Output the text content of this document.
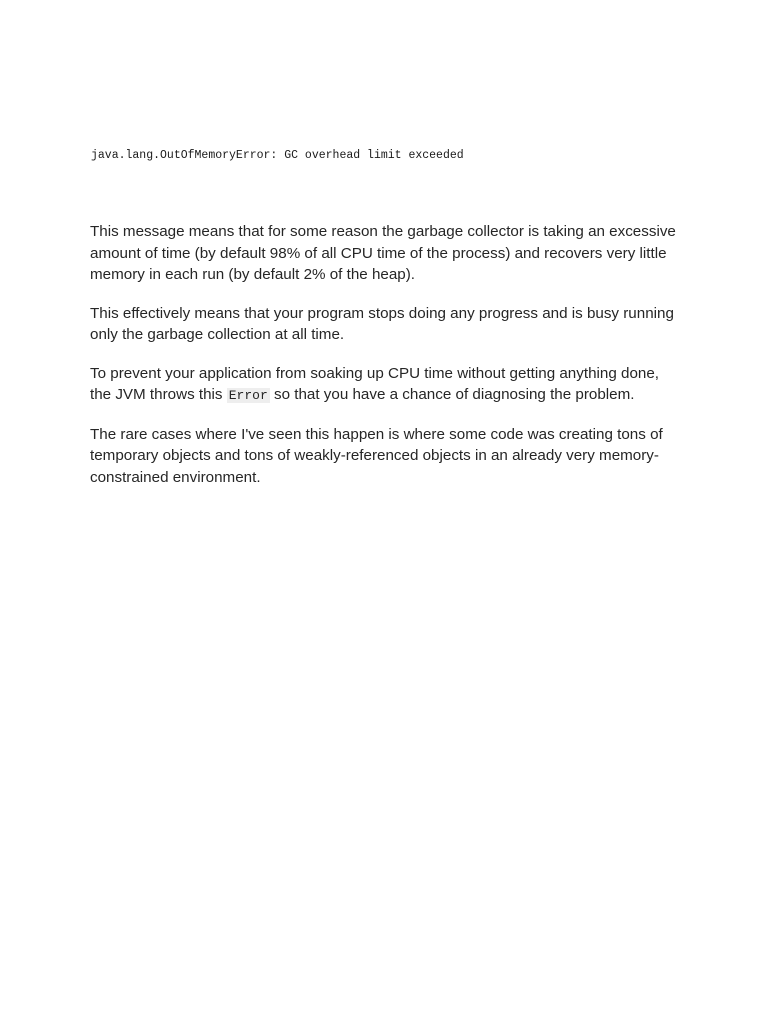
java.lang.OutOfMemoryError: GC overhead limit exceeded

This message means that for some reason the garbage collector is taking an excessive amount of time (by default 98% of all CPU time of the process) and recovers very little memory in each run (by default 2% of the heap).

This effectively means that your program stops doing any progress and is busy running only the garbage collection at all time.

To prevent your application from soaking up CPU time without getting anything done, the JVM throws this Error so that you have a chance of diagnosing the problem.

The rare cases where I've seen this happen is where some code was creating tons of temporary objects and tons of weakly-referenced objects in an already very memory-constrained environment.
